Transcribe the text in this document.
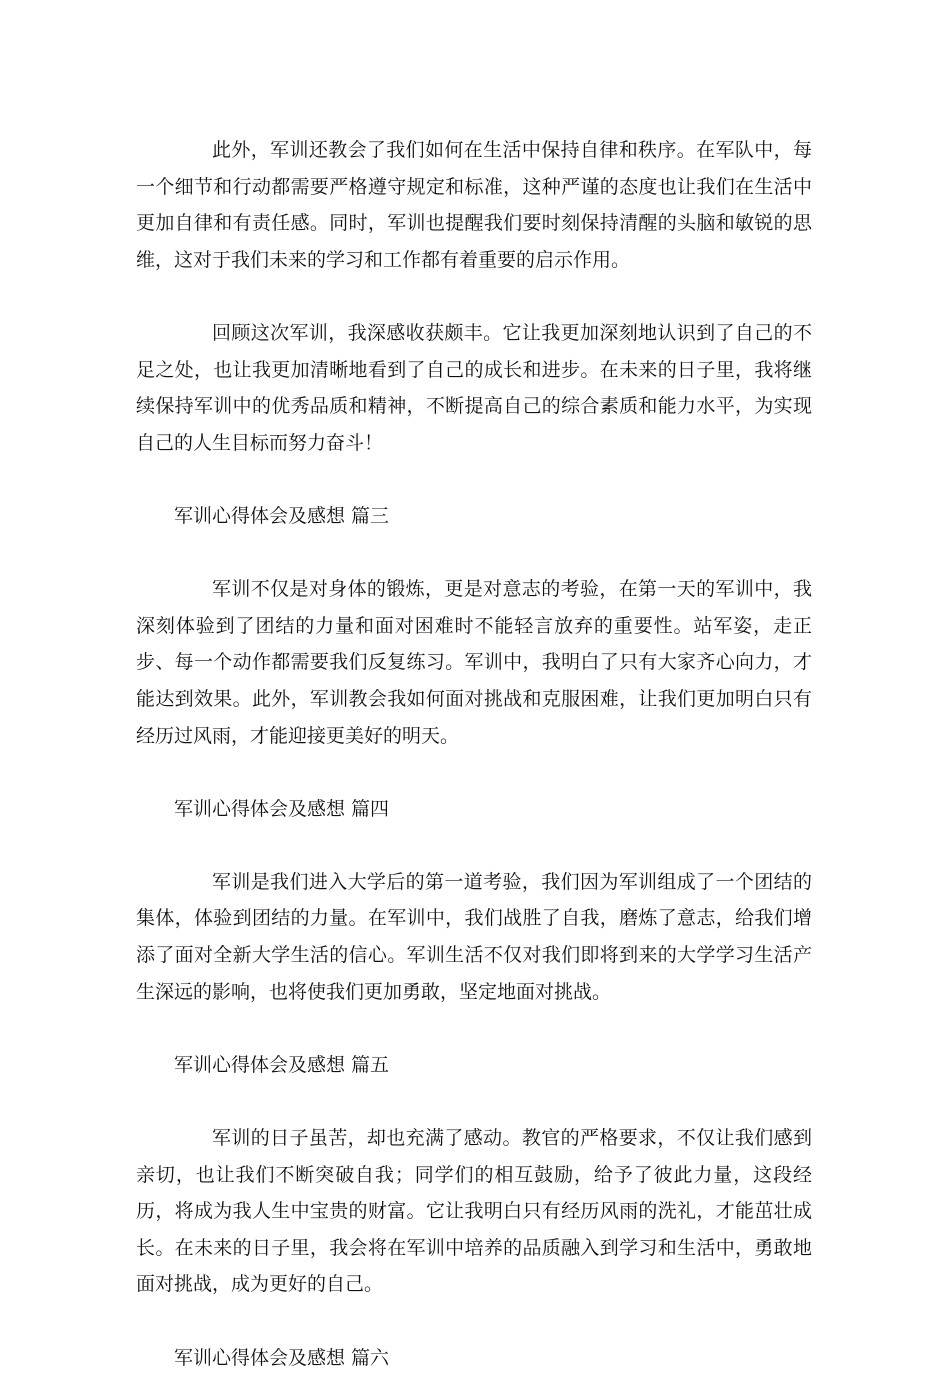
此外，军训还教会了我们如何在生活中保持自律和秩序。在军队中，每一个细节和行动都需要严格遵守规定和标准，这种严谨的态度也让我们在生活中更加自律和有责任感。同时，军训也提醒我们要时刻保持清醒的头脑和敏锐的思维，这对于我们未来的学习和工作都有着重要的启示作用。

回顾这次军训，我深感收获颇丰。它让我更加深刻地认识到了自己的不足之处，也让我更加清晰地看到了自己的成长和进步。在未来的日子里，我将继续保持军训中的优秀品质和精神，不断提高自己的综合素质和能力水平，为实现自己的人生目标而努力奋斗！

军训心得体会及感想 篇三

军训不仅是对身体的锻炼，更是对意志的考验，在第一天的军训中，我深刻体验到了团结的力量和面对困难时不能轻言放弃的重要性。站军姿，走正步、每一个动作都需要我们反复练习。军训中，我明白了只有大家齐心向力，才能达到效果。此外，军训教会我如何面对挑战和克服困难，让我们更加明白只有经历过风雨，才能迎接更美好的明天。

军训心得体会及感想 篇四

军训是我们进入大学后的第一道考验，我们因为军训组成了一个团结的集体，体验到团结的力量。在军训中，我们战胜了自我，磨炼了意志，给我们增添了面对全新大学生活的信心。军训生活不仅对我们即将到来的大学学习生活产生深远的影响，也将使我们更加勇敢，坚定地面对挑战。

军训心得体会及感想 篇五

军训的日子虽苦，却也充满了感动。教官的严格要求，不仅让我们感到亲切，也让我们不断突破自我；同学们的相互鼓励，给予了彼此力量，这段经历，将成为我人生中宝贵的财富。它让我明白只有经历风雨的洗礼，才能茁壮成长。在未来的日子里，我会将在军训中培养的品质融入到学习和生活中，勇敢地面对挑战，成为更好的自己。

军训心得体会及感想 篇六
